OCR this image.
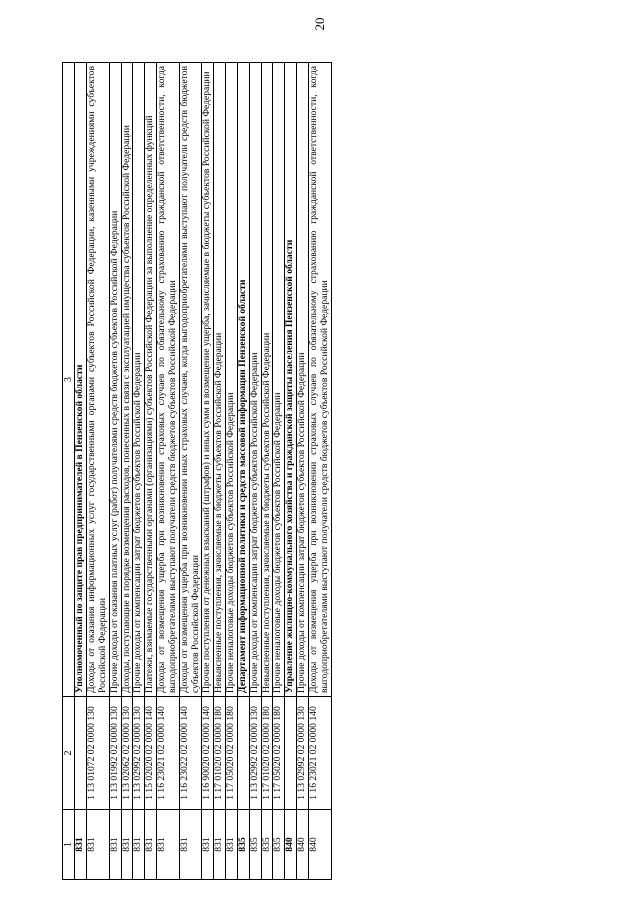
20
1	2	3
831		Уполномоченный по защите прав предпринимателей в Пензенской области
831	1 13 01072 02 0000 130	Доходы от оказания информационных услуг государственными органами субъектов Российской Федерации, казенными учреждениями субъектов Российской Федерации
831	1 13 01992 02 0000 130	Прочие доходы от оказания платных услуг (работ) получателями средств бюджетов субъектов Российской Федерации
831	1 13 02062 02 0000 130	Доходы, поступающие в порядке возмещения расходов, понесенных в связи с эксплуатацией имущества субъектов Российской Федерации
831	1 13 02992 02 0000 130	Прочие доходы от компенсации затрат бюджетов субъектов Российской Федерации
831	1 15 02020 02 0000 140	Платежи, взимаемые государственными органами (организациями) субъектов Российской Федерации за выполнение определенных функций
831	1 16 23021 02 0000 140	Доходы от возмещения ущерба при возникновении страховых случаев по обязательному страхованию гражданской ответственности, когда выгодоприобретателями выступают получатели средств бюджетов субъектов Российской Федерации
831	1 16 23022 02 0000 140	Доходы от возмещения ущерба при возникновении иных страховых случаев, когда выгодоприобретателями выступают получатели средств бюджетов субъектов Российской Федерации
831	1 16 90020 02 0000 140	Прочие поступления от денежных взысканий (штрафов) и иных сумм в возмещение ущерба, зачисляемые в бюджеты субъектов Российской Федерации
831	1 17 01020 02 0000 180	Невыясненные поступления, зачисляемые в бюджеты субъектов Российской Федерации
831	1 17 05020 02 0000 180	Прочие неналоговые доходы бюджетов субъектов Российской Федерации
835		Департамент информационной политики и средств массовой информации Пензенской области
835	1 13 02992 02 0000 130	Прочие доходы от компенсации затрат бюджетов субъектов Российской Федерации
835	1 17 01020 02 0000 180	Невыясненные поступления, зачисляемые в бюджеты субъектов Российской Федерации
835	1 17 05020 02 0000 180	Прочие неналоговые доходы бюджетов субъектов Российской Федерации
840		Управление жилищно-коммунального хозяйства и гражданской защиты населения Пензенской области
840	1 13 02992 02 0000 130	Прочие доходы от компенсации затрат бюджетов субъектов Российской Федерации
840	1 16 23021 02 0000 140	Доходы от возмещения ущерба при возникновении страховых случаев по обязательному страхованию гражданской ответственности, когда выгодоприобретателями выступают получатели средств бюджетов субъектов Российской Федерации
